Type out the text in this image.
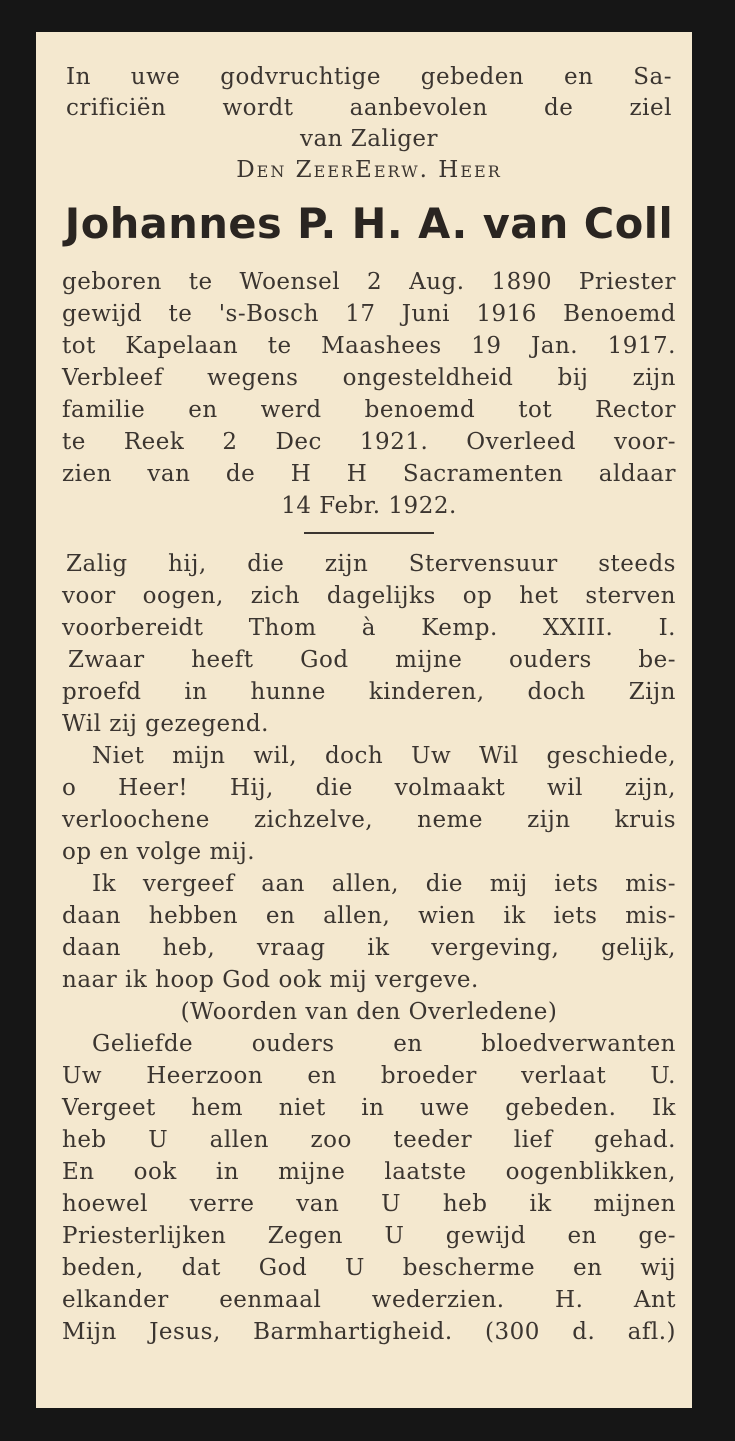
In uwe godvruchtige gebeden en Sa-
crificiën wordt aanbevolen de ziel
van Zaliger
Den ZeerEerw. Heer
Johannes P. H. A. van Coll
geboren te Woensel 2 Aug. 1890 Priester
gewijd te 's-Bosch 17 Juni 1916 Benoemd
tot Kapelaan te Maashees 19 Jan. 1917.
Verbleef wegens ongesteldheid bij zijn
familie en werd benoemd tot Rector
te Reek 2 Dec 1921. Overleed voor-
zien van de H H Sacramenten aldaar
14 Febr. 1922.
Zalig hij, die zijn Stervensuur steeds
voor oogen, zich dagelijks op het sterven
voorbereidt Thom à Kemp. XXIII. I.
Zwaar heeft God mijne ouders be-
proefd in hunne kinderen, doch Zijn
Wil zij gezegend.
Niet mijn wil, doch Uw Wil geschiede,
o Heer! Hij, die volmaakt wil zijn,
verloochene zichzelve, neme zijn kruis
op en volge mij.
Ik vergeef aan allen, die mij iets mis-
daan hebben en allen, wien ik iets mis-
daan heb, vraag ik vergeving, gelijk,
naar ik hoop God ook mij vergeve.
(Woorden van den Overledene)
Geliefde ouders en bloedverwanten
Uw Heerzoon en broeder verlaat U.
Vergeet hem niet in uwe gebeden. Ik
heb U allen zoo teeder lief gehad.
En ook in mijne laatste oogenblikken,
hoewel verre van U heb ik mijnen
Priesterlijken Zegen U gewijd en ge-
beden, dat God U bescherme en wij
elkander eenmaal wederzien. H. Ant
Mijn Jesus, Barmhartigheid. (300 d. afl.)
